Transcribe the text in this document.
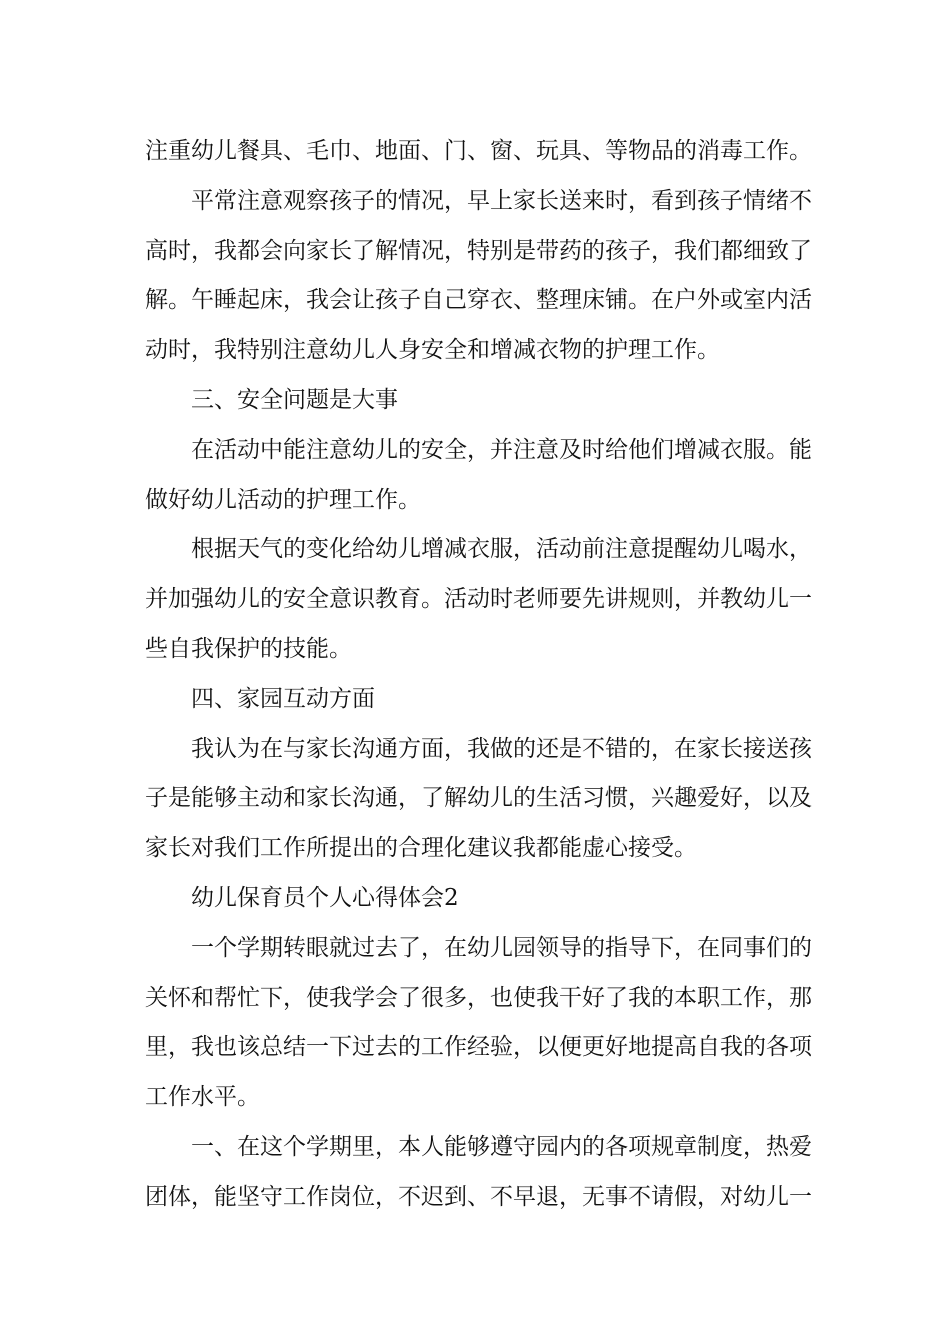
注重幼儿餐具、毛巾、地面、门、窗、玩具、等物品的消毒工作。
平常注意观察孩子的情况，早上家长送来时，看到孩子情绪不
高时，我都会向家长了解情况，特别是带药的孩子，我们都细致了
解。午睡起床，我会让孩子自己穿衣、整理床铺。在户外或室内活
动时，我特别注意幼儿人身安全和增减衣物的护理工作。
三、安全问题是大事
在活动中能注意幼儿的安全，并注意及时给他们增减衣服。能
做好幼儿活动的护理工作。
根据天气的变化给幼儿增减衣服，活动前注意提醒幼儿喝水，
并加强幼儿的安全意识教育。活动时老师要先讲规则，并教幼儿一
些自我保护的技能。
四、家园互动方面
我认为在与家长沟通方面，我做的还是不错的，在家长接送孩
子是能够主动和家长沟通，了解幼儿的生活习惯，兴趣爱好，以及
家长对我们工作所提出的合理化建议我都能虚心接受。
幼儿保育员个人心得体会2
一个学期转眼就过去了，在幼儿园领导的指导下，在同事们的
关怀和帮忙下，使我学会了很多，也使我干好了我的本职工作，那
里，我也该总结一下过去的工作经验，以便更好地提高自我的各项
工作水平。
一、在这个学期里，本人能够遵守园内的各项规章制度，热爱
团体，能坚守工作岗位，不迟到、不早退，无事不请假，对幼儿一
